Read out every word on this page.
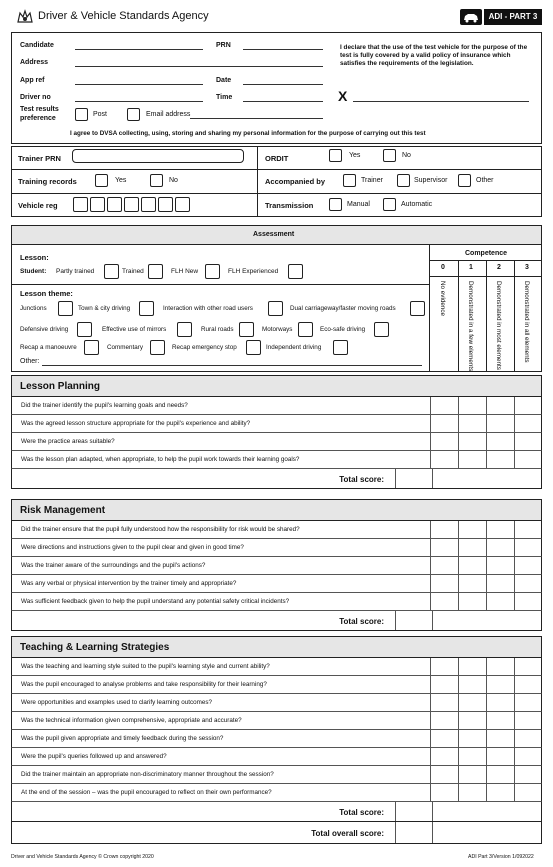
Driver & Vehicle Standards Agency	ADI - PART 3
Candidate	PRN
Address
App ref	Date
Driver no	Time
Test results
preference
Post	Email address
I declare that the use of the test vehicle for the purpose of the test is fully covered by a valid policy of insurance which satisfies the requirements of the legislation.
X
I agree to DVSA collecting, using, storing and sharing my personal information for the purpose of carrying out this test
Trainer PRN	ORDIT	Yes	No
Training records	Yes	No	Accompanied by	Trainer	Supervisor	Other
Vehicle reg	Transmission	Manual	Automatic
Assessment
Competence
0
No evidence
1
Demonstrated in a few elements
2
Demonstrated in most elements
3
Demonstrated in all elements
Lesson:
Student: Partly trained	Trained	FLH New	FLH Experienced
Lesson theme:
Junctions	Town & city driving	Interaction with other road users	Dual carriageway/faster moving roads
Defensive driving	Effective use of mirrors	Rural roads	Motorways	Eco-safe driving
Recap a manoeuvre	Commentary	Recap emergency stop	Independent driving
Other:
Lesson Planning
Did the trainer identify the pupil's learning goals and needs?
Was the agreed lesson structure appropriate for the pupil's experience and ability?
Were the practice areas suitable?
Was the lesson plan adapted, when appropriate, to help the pupil work towards their learning goals?
Total score:
Risk Management
Did the trainer ensure that the pupil fully understood how the responsibility for risk would be shared?
Were directions and instructions given to the pupil clear and given in good time?
Was the trainer aware of the surroundings and the pupil's actions?
Was any verbal or physical intervention by the trainer timely and appropriate?
Was sufficient feedback given to help the pupil understand any potential safety critical incidents?
Total score:
Teaching & Learning Strategies
Was the teaching and learning style suited to the pupil's learning style and current ability?
Was the pupil encouraged to analyse problems and take responsibility for their learning?
Were opportunities and examples used to clarify learning outcomes?
Was the technical information given comprehensive, appropriate and accurate?
Was the pupil given appropriate and timely feedback during the session?
Were the pupil's queries followed up and answered?
Did the trainer maintain an appropriate non-discriminatory manner throughout the session?
At the end of the session – was the pupil encouraged to reflect on their own performance?
Total score:
Total overall score:
Driver and Vehicle Standards Agency © Crown copyright 2020	ADI Part 3/Version 1/092022
